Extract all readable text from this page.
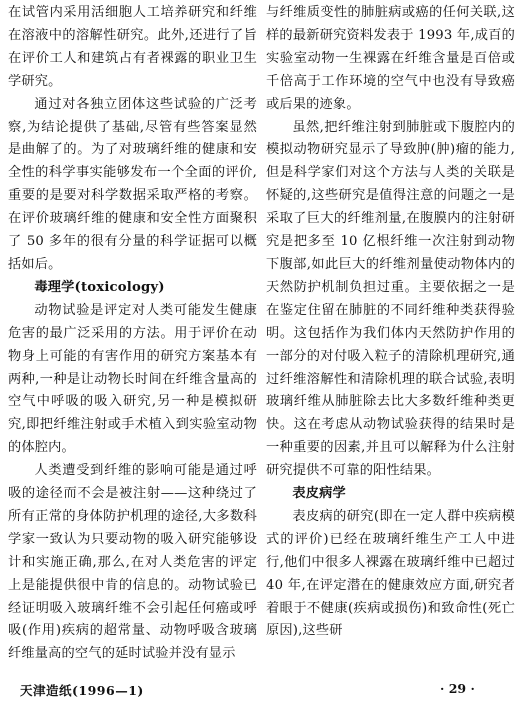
在试管内采用活细胞人工培养研究和纤维在溶液中的溶解性研究。此外,还进行了旨在评价工人和建筑占有者裸露的职业卫生学研究。

通过对各独立团体这些试验的广泛考察,为结论提供了基础,尽管有些答案显然是曲解了的。为了对玻璃纤维的健康和安全性的科学事实能够发布一个全面的评价,重要的是要对科学数据采取严格的考察。在评价玻璃纤维的健康和安全性方面聚积了 50 多年的很有分量的科学证据可以概括如后。

毒理学(toxicology)

动物试验是评定对人类可能发生健康危害的最广泛采用的方法。用于评价在动物身上可能的有害作用的研究方案基本有两种,一种是让动物长时间在纤维含量高的空气中呼吸的吸入研究,另一种是模拟研究,即把纤维注射或手术植入到实验室动物的体腔内。

人类遭受到纤维的影响可能是通过呼吸的途径而不会是被注射——这种绕过了所有正常的身体防护机理的途径,大多数科学家一致认为只要动物的吸入研究能够设计和实施正确,那么,在对人类危害的评定上是能提供很中肯的信息的。动物试验已经证明吸入玻璃纤维不会引起任何癌或呼吸(作用)疾病的超常量、动物呼吸含玻璃纤维量高的空气的延时试验并没有显示

与纤维质变性的肺脏病或癌的任何关联,这样的最新研究资料发表于 1993 年,成百的实验室动物一生裸露在纤维含量是百倍或千倍高于工作环境的空气中也没有导致癌或后果的迹象。

虽然,把纤维注射到肺脏或下腹腔内的模拟动物研究显示了导致肿(肿)瘤的能力,但是科学家们对这个方法与人类的关联是怀疑的,这些研究是值得注意的问题之一是采取了巨大的纤维剂量,在腹膜内的注射研究是把多至 10 亿根纤维一次注射到动物下腹部,如此巨大的纤维剂量使动物体内的天然防护机制负担过重。主要依据之一是在鉴定住留在肺脏的不同纤维种类获得验明。这包括作为我们体内天然防护作用的一部分的对付吸入粒子的清除机理研究,通过纤维溶解性和清除机理的联合试验,表明玻璃纤维从肺脏除去比大多数纤维种类更快。这在考虑从动物试验获得的结果时是一种重要的因素,并且可以解释为什么注射研究提供不可靠的阳性结果。

表皮病学

表皮病的研究(即在一定人群中疾病模式的评价)已经在玻璃纤维生产工人中进行,他们中很多人裸露在玻璃纤维中已超过 40 年,在评定潜在的健康效应方面,研究者着眼于不健康(疾病或损伤)和致命性(死亡原因),这些研

天津造纸(1996—1)	· 29 ·
